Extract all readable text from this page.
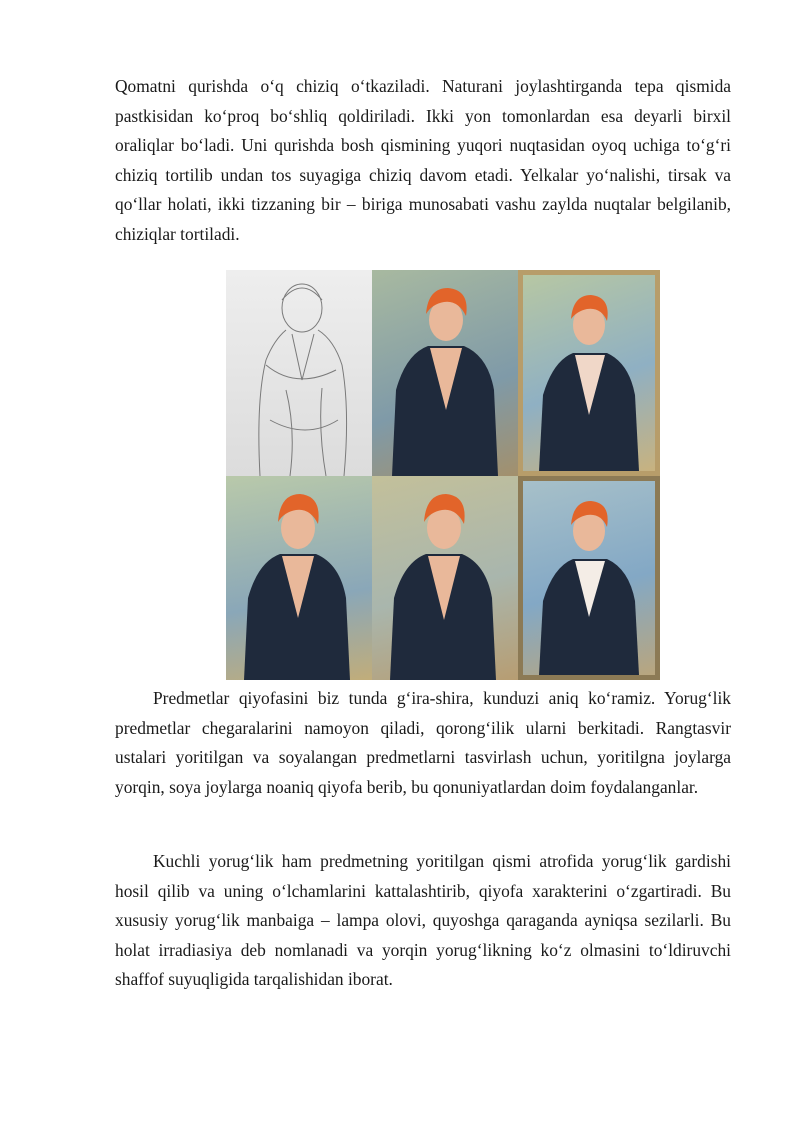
Qomatni qurishda o‘q chiziq o‘tkaziladi. Naturani joylashtirganda tepa qismida pastkisidan ko‘proq bo‘shliq qoldiriladi. Ikki yon tomonlardan esa deyarli birxil oraliqlar bo‘ladi. Uni qurishda bosh qismining yuqori nuqtasidan oyoq uchiga to‘g‘ri chiziq tortilib undan tos suyagiga chiziq davom etadi. Yelkalar yo‘nalishi, tirsak va qo‘llar holati, ikki tizzaning bir – biriga munosabati vashu zaylda nuqtalar belgilanib, chiziqlar tortiladi.

Predmetlar qiyofasini biz tunda g‘ira-shira, kunduzi aniq ko‘ramiz. Yorug‘lik predmetlar chegaralarini namoyon qiladi, qorong‘ilik ularni berkitadi. Rangtasvir ustalari yoritilgan va soyalangan predmetlarni tasvirlash uchun, yoritilgna joylarga yorqin, soya joylarga noaniq qiyofa berib, bu qonuniyatlardan doim foydalanganlar.

Kuchli yorug‘lik ham predmetning yoritilgan qismi atrofida yorug‘lik gardishi hosil qilib va uning o‘lchamlarini kattalashtirib, qiyofa xarakterini o‘zgartiradi. Bu xususiy yorug‘lik manbaiga – lampa olovi, quyoshga qaraganda ayniqsa sezilarli. Bu holat irradiasiya deb nomlanadi va yorqin yorug‘likning ko‘z olmasini to‘ldiruvchi shaffof suyuqligida tarqalishidan iborat.
